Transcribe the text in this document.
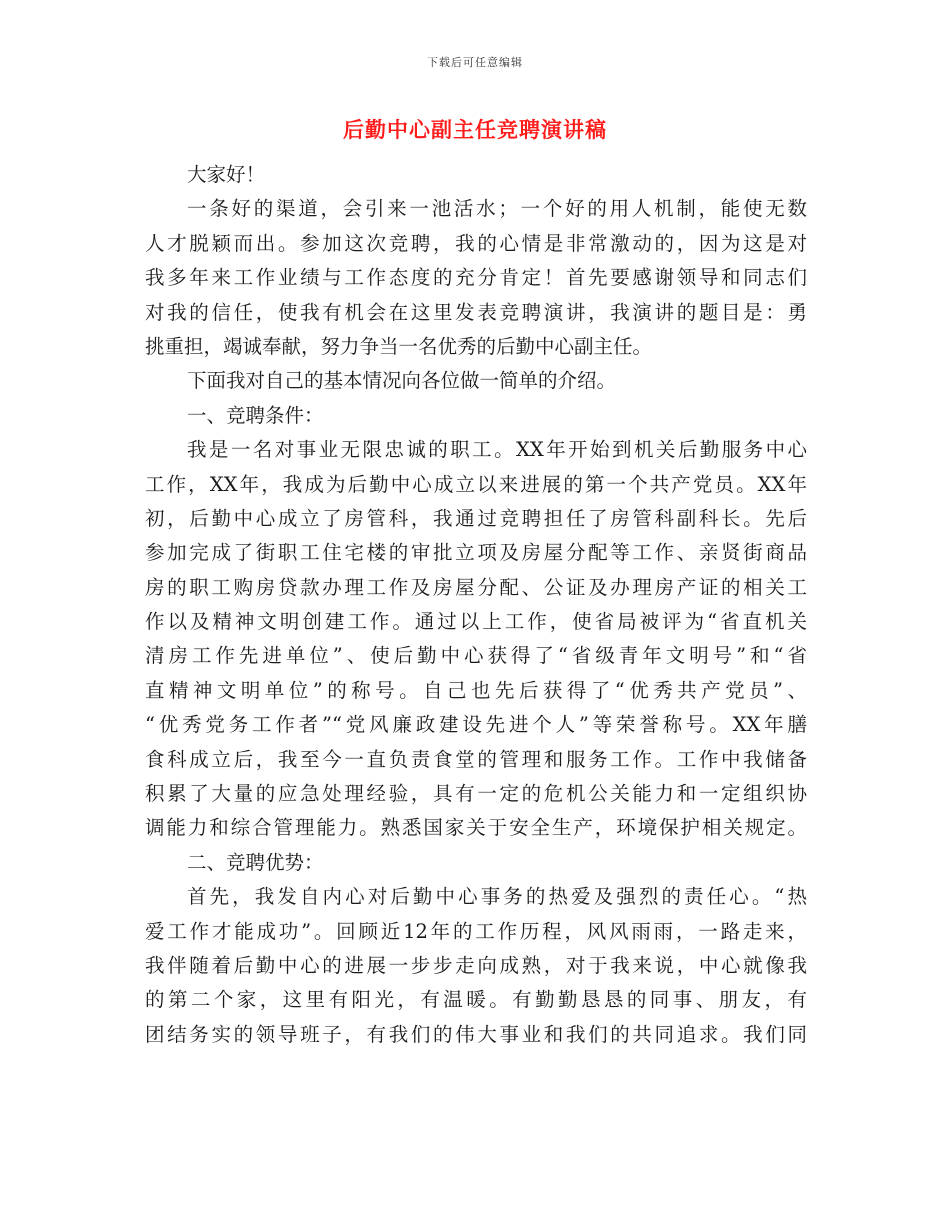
下载后可任意编辑
后勤中心副主任竞聘演讲稿
大家好！
一条好的渠道，会引来一池活水；一个好的用人机制，能使无数
人才脱颖而出。参加这次竞聘，我的心情是非常激动的，因为这是对
我多年来工作业绩与工作态度的充分肯定！首先要感谢领导和同志们
对我的信任，使我有机会在这里发表竞聘演讲，我演讲的题目是：勇
挑重担，竭诚奉献，努力争当一名优秀的后勤中心副主任。
下面我对自己的基本情况向各位做一简单的介绍。
一、竞聘条件：
我是一名对事业无限忠诚的职工。XX年开始到机关后勤服务中心
工作，XX年，我成为后勤中心成立以来进展的第一个共产党员。XX年
初，后勤中心成立了房管科，我通过竞聘担任了房管科副科长。先后
参加完成了街职工住宅楼的审批立项及房屋分配等工作、亲贤街商品
房的职工购房贷款办理工作及房屋分配、公证及办理房产证的相关工
作以及精神文明创建工作。通过以上工作，使省局被评为“省直机关
清房工作先进单位”、使后勤中心获得了“省级青年文明号”和“省
直精神文明单位”的称号。自己也先后获得了“优秀共产党员”、
“优秀党务工作者”“党风廉政建设先进个人”等荣誉称号。XX年膳
食科成立后，我至今一直负责食堂的管理和服务工作。工作中我储备
积累了大量的应急处理经验，具有一定的危机公关能力和一定组织协
调能力和综合管理能力。熟悉国家关于安全生产，环境保护相关规定。
二、竞聘优势：
首先，我发自内心对后勤中心事务的热爱及强烈的责任心。“热
爱工作才能成功”。回顾近12年的工作历程，风风雨雨，一路走来，
我伴随着后勤中心的进展一步步走向成熟，对于我来说，中心就像我
的第二个家，这里有阳光，有温暖。有勤勤恳恳的同事、朋友，有
团结务实的领导班子，有我们的伟大事业和我们的共同追求。我们同
